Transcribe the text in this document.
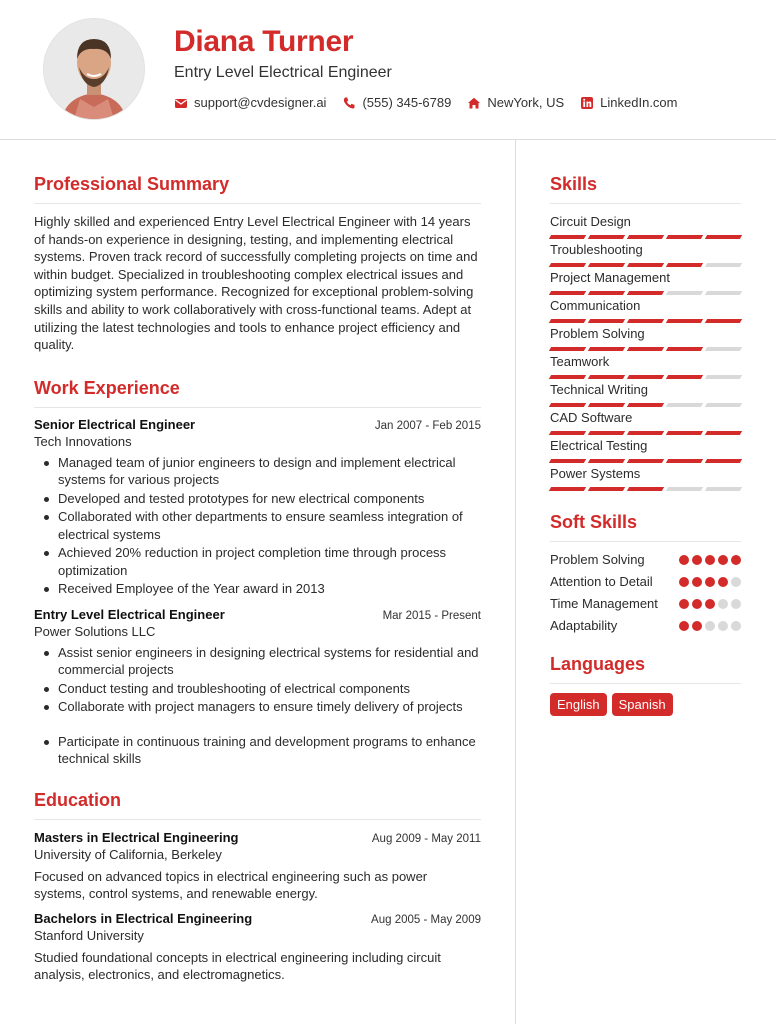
Diana Turner
Entry Level Electrical Engineer
support@cvdesigner.ai	(555) 345-6789	NewYork, US	LinkedIn.com
Professional Summary
Highly skilled and experienced Entry Level Electrical Engineer with 14 years of hands-on experience in designing, testing, and implementing electrical systems. Proven track record of successfully completing projects on time and within budget. Specialized in troubleshooting complex electrical issues and optimizing system performance. Recognized for exceptional problem-solving skills and ability to work collaboratively with cross-functional teams. Adept at utilizing the latest technologies and tools to enhance project efficiency and quality.
Work Experience
Senior Electrical Engineer	Jan 2007 - Feb 2015
Tech Innovations
Managed team of junior engineers to design and implement electrical systems for various projects
Developed and tested prototypes for new electrical components
Collaborated with other departments to ensure seamless integration of electrical systems
Achieved 20% reduction in project completion time through process optimization
Received Employee of the Year award in 2013
Entry Level Electrical Engineer	Mar 2015 - Present
Power Solutions LLC
Assist senior engineers in designing electrical systems for residential and commercial projects
Conduct testing and troubleshooting of electrical components
Collaborate with project managers to ensure timely delivery of projects
Participate in continuous training and development programs to enhance technical skills
Education
Masters in Electrical Engineering	Aug 2009 - May 2011
University of California, Berkeley
Focused on advanced topics in electrical engineering such as power systems, control systems, and renewable energy.
Bachelors in Electrical Engineering	Aug 2005 - May 2009
Stanford University
Studied foundational concepts in electrical engineering including circuit analysis, electronics, and electromagnetics.
Skills
Circuit Design
Troubleshooting
Project Management
Communication
Problem Solving
Teamwork
Technical Writing
CAD Software
Electrical Testing
Power Systems
Soft Skills
Problem Solving
Attention to Detail
Time Management
Adaptability
Languages
English	Spanish
